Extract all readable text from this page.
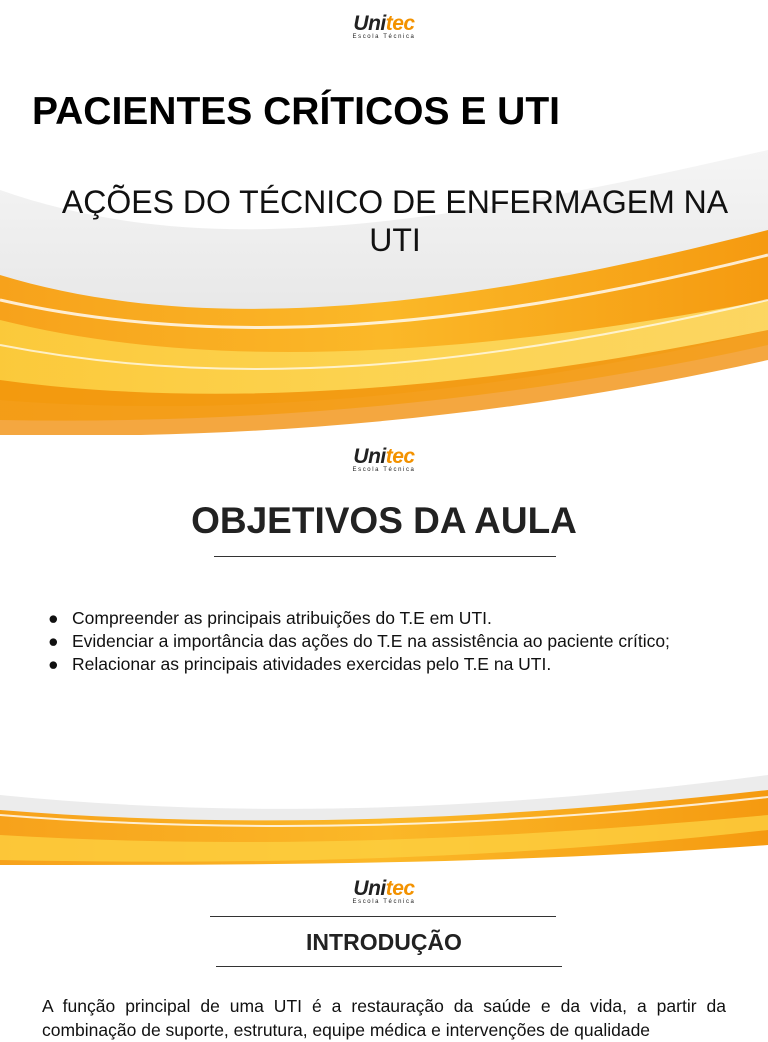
Unitec
Escola Técnica
PACIENTES CRÍTICOS E UTI

AÇÕES DO TÉCNICO DE ENFERMAGEM NA UTI

Unitec
Escola Técnica
OBJETIVOS DA AULA
● Compreender as principais atribuições do T.E em UTI.
● Evidenciar a importância das ações do T.E na assistência ao paciente crítico;
● Relacionar as principais atividades exercidas pelo T.E na UTI.
Unitec
Escola Técnica
INTRODUÇÃO

A função principal de uma UTI é a restauração da saúde e da vida, a partir da combinação de suporte, estrutura, equipe médica e intervenções de qualidade
